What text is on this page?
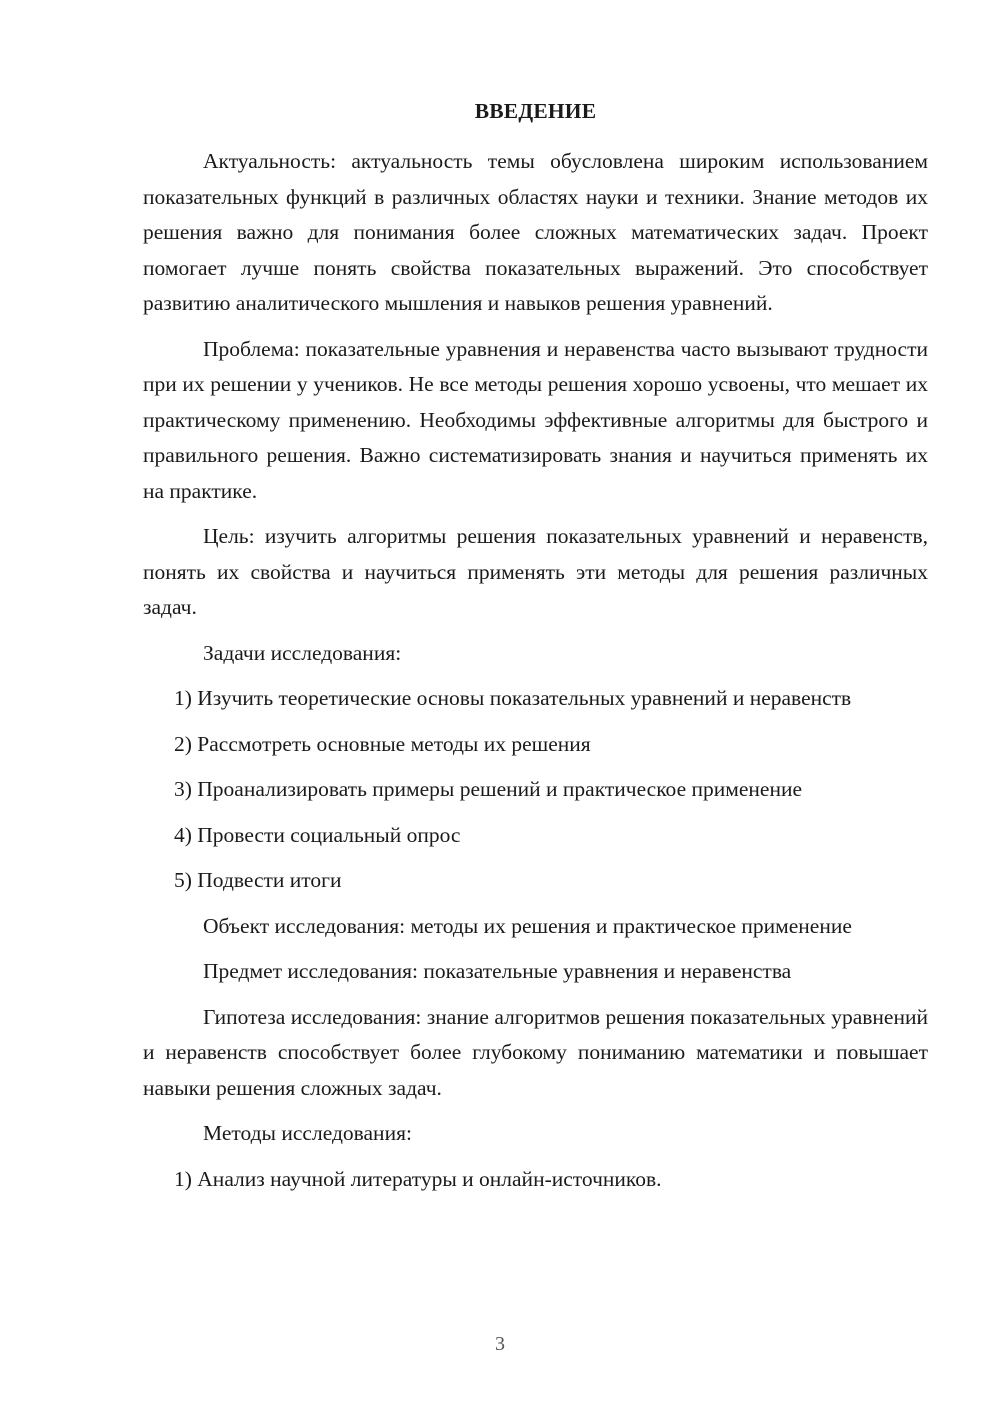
ВВЕДЕНИЕ

Актуальность: актуальность темы обусловлена широким использованием показательных функций в различных областях науки и техники. Знание методов их решения важно для понимания более сложных математических задач. Проект помогает лучше понять свойства показательных выражений. Это способствует развитию аналитического мышления и навыков решения уравнений.

Проблема: показательные уравнения и неравенства часто вызывают трудности при их решении у учеников. Не все методы решения хорошо усвоены, что мешает их практическому применению. Необходимы эффективные алгоритмы для быстрого и правильного решения. Важно систематизировать знания и научиться применять их на практике.

Цель: изучить алгоритмы решения показательных уравнений и неравенств, понять их свойства и научиться применять эти методы для решения различных задач.

Задачи исследования:

1) Изучить теоретические основы показательных уравнений и неравенств

2) Рассмотреть основные методы их решения

3) Проанализировать примеры решений и практическое применение

4) Провести социальный опрос

5) Подвести итоги

Объект исследования: методы их решения и практическое применение

Предмет исследования: показательные уравнения и неравенства

Гипотеза исследования: знание алгоритмов решения показательных уравнений и неравенств способствует более глубокому пониманию математики и повышает навыки решения сложных задач.

Методы исследования:

1) Анализ научной литературы и онлайн-источников.

3
